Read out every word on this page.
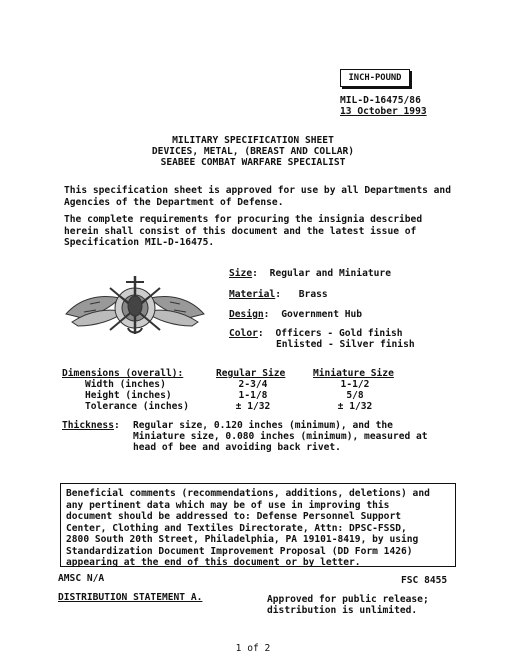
INCH-POUND
MIL-D-16475/86
13 October 1993
MILITARY SPECIFICATION SHEET
DEVICES, METAL, (BREAST AND COLLAR)
SEABEE COMBAT WARFARE SPECIALIST
This specification sheet is approved for use by all Departments and Agencies of the Department of Defense.
The complete requirements for procuring the insignia described herein shall consist of this document and the latest issue of Specification MIL-D-16475.
Size: Regular and Miniature
Material: Brass
Design: Government Hub
Color: Officers - Gold finish
Enlisted - Silver finish
Dimensions (overall):	Regular Size	Miniature Size
Width (inches)	2-3/4	1-1/2
Height (inches)	1-1/8	5/8
Tolerance (inches)	± 1/32	± 1/32
Thickness: Regular size, 0.120 inches (minimum), and the
Miniature size, 0.080 inches (minimum), measured at
head of bee and avoiding back rivet.
Beneficial comments (recommendations, additions, deletions) and
any pertinent data which may be of use in improving this
document should be addressed to: Defense Personnel Support
Center, Clothing and Textiles Directorate, Attn: DPSC-FSSD,
2800 South 20th Street, Philadelphia, PA 19101-8419, by using
Standardization Document Improvement Proposal (DD Form 1426)
appearing at the end of this document or by letter.
AMSC N/A	FSC 8455
DISTRIBUTION STATEMENT A.	Approved for public release;
distribution is unlimited.
1 of 2
